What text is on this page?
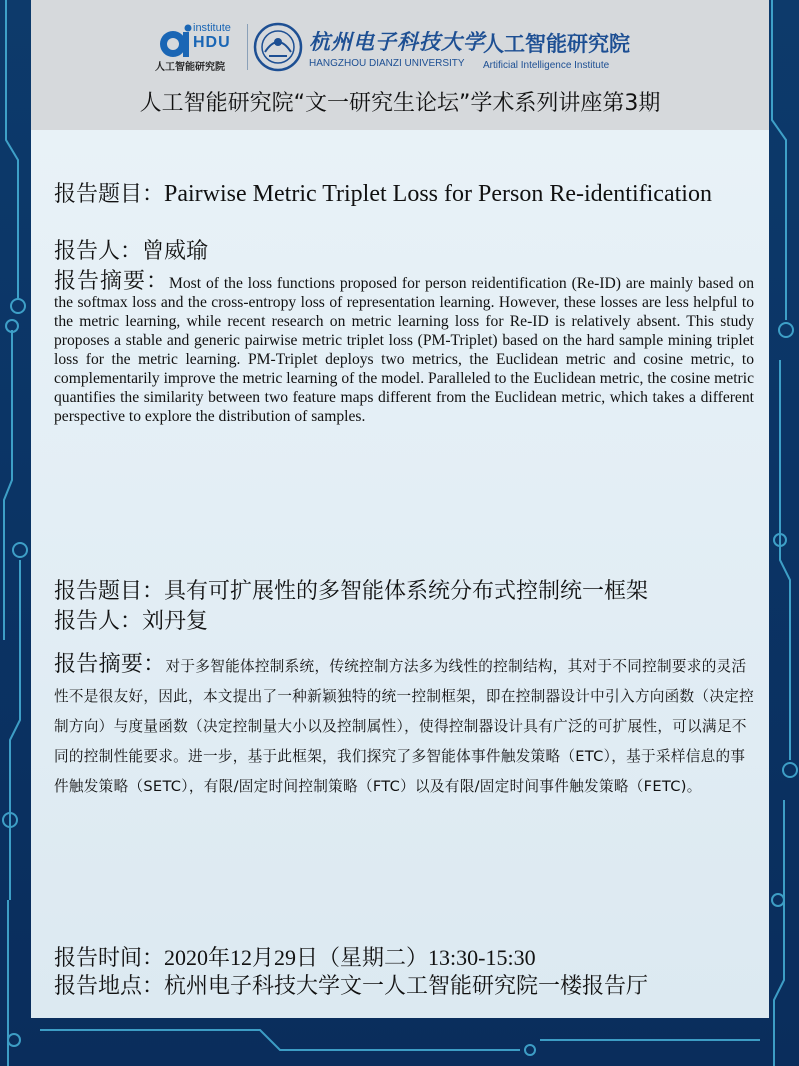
institute
HDU
人工智能研究院
杭州电子科技大学
HANGZHOU DIANZI UNIVERSITY
人工智能研究院
Artificial Intelligence Institute
人工智能研究院“文一研究生论坛”学术系列讲座第3期
报告题目：Pairwise Metric Triplet Loss for Person Re-identification
报告人：曾威瑜
报告摘要：Most of the loss functions proposed for person reidentification (Re-ID) are mainly based on the softmax loss and the cross-entropy loss of representation learning. However, these losses are less helpful to the metric learning, while recent research on metric learning loss for Re-ID is relatively absent. This study proposes a stable and generic pairwise metric triplet loss (PM-Triplet) based on the hard sample mining triplet loss for the metric learning. PM-Triplet deploys two metrics, the Euclidean metric and cosine metric, to complementarily improve the metric learning of the model. Paralleled to the Euclidean metric, the cosine metric quantifies the similarity between two feature maps different from the Euclidean metric, which takes a different perspective to explore the distribution of samples.
报告题目：具有可扩展性的多智能体系统分布式控制统一框架
报告人：刘丹复
报告摘要：对于多智能体控制系统，传统控制方法多为线性的控制结构，其对于不同控制要求的灵活性不是很友好，因此，本文提出了一种新颖独特的统一控制框架，即在控制器设计中引入方向函数（决定控制方向）与度量函数（决定控制量大小以及控制属性），使得控制器设计具有广泛的可扩展性，可以满足不同的控制性能要求。进一步，基于此框架，我们探究了多智能体事件触发策略（ETC），基于采样信息的事件触发策略（SETC），有限/固定时间控制策略（FTC）以及有限/固定时间事件触发策略（FETC)。
报告时间：2020年12月29日（星期二）13:30-15:30
报告地点：杭州电子科技大学文一人工智能研究院一楼报告厅
